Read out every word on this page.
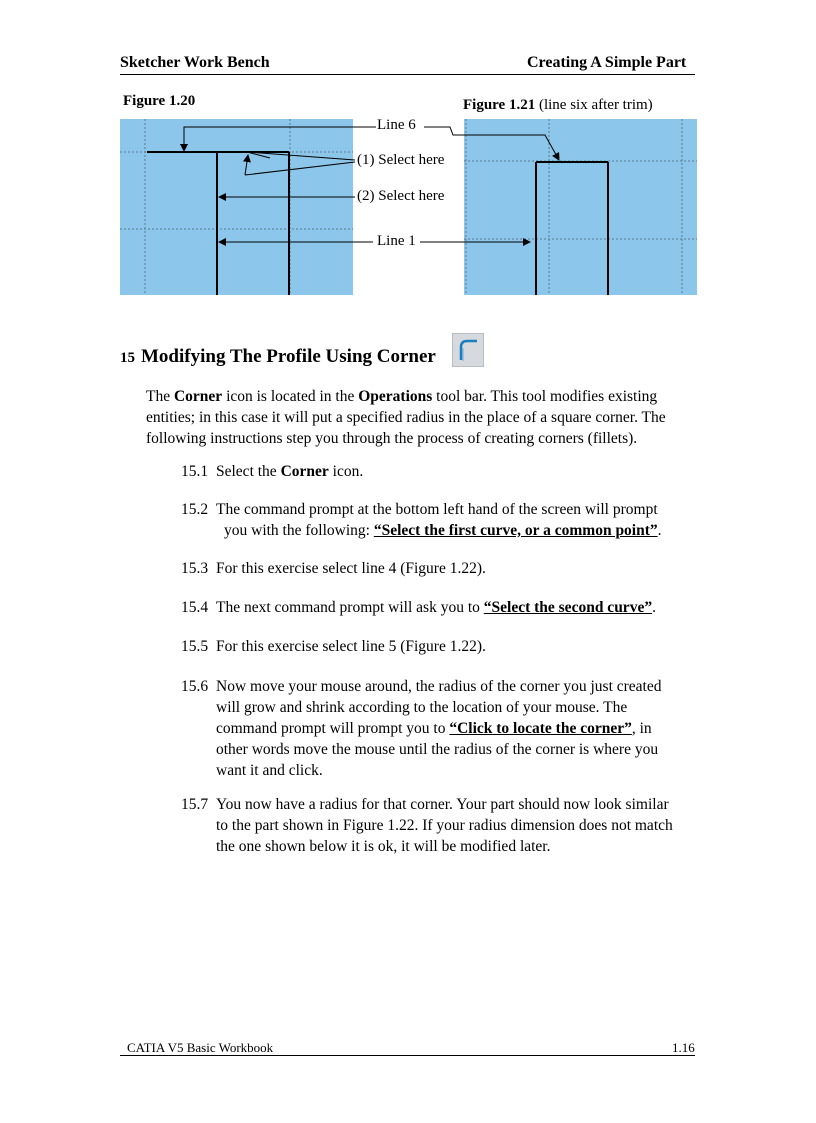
Sketcher Work Bench	Creating A Simple Part
Figure 1.20	Figure 1.21 (line six after trim)
Line 6
(1) Select here
(2) Select here
Line 1
15 Modifying The Profile Using Corner
The Corner icon is located in the Operations tool bar. This tool modifies existing entities; in this case it will put a specified radius in the place of a square corner. The following instructions step you through the process of creating corners (fillets).
15.1 Select the Corner icon.
15.2 The command prompt at the bottom left hand of the screen will prompt
you with the following: “Select the first curve, or a common point”.
15.3 For this exercise select line 4 (Figure 1.22).
15.4 The next command prompt will ask you to “Select the second curve”.
15.5 For this exercise select line 5 (Figure 1.22).
15.6 Now move your mouse around, the radius of the corner you just created
will grow and shrink according to the location of your mouse. The
command prompt will prompt you to “Click to locate the corner”, in
other words move the mouse until the radius of the corner is where you
want it and click.
15.7 You now have a radius for that corner. Your part should now look similar
to the part shown in Figure 1.22. If your radius dimension does not match
the one shown below it is ok, it will be modified later.
CATIA V5 Basic Workbook	1.16
